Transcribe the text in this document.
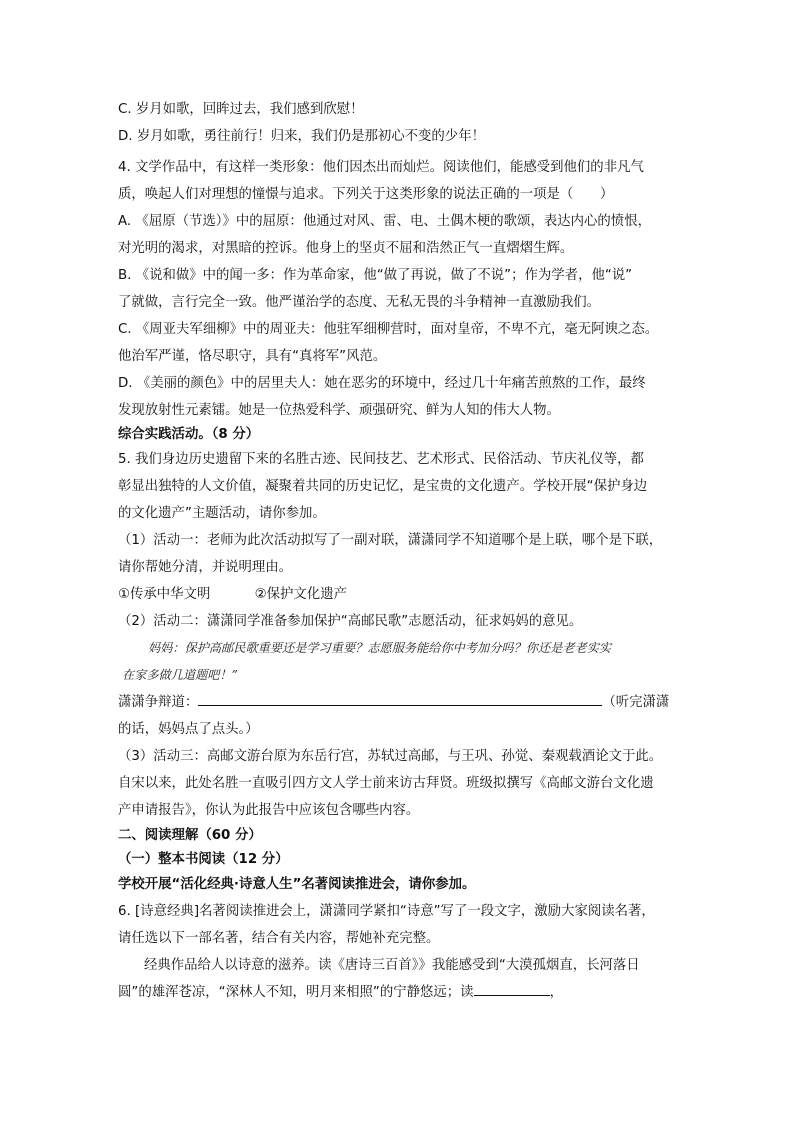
C. 岁月如歌，回眸过去，我们感到欣慰！
D. 岁月如歌，勇往前行！归来，我们仍是那初心不变的少年！
4. 文学作品中，有这样一类形象：他们因杰出而灿烂。阅读他们，能感受到他们的非凡气
质，唤起人们对理想的憧憬与追求。下列关于这类形象的说法正确的一项是（　　）
A. 《屈原（节选）》中的屈原：他通过对风、雷、电、土偶木梗的歌颂，表达内心的愤恨，
对光明的渴求，对黑暗的控诉。他身上的坚贞不屈和浩然正气一直熠熠生辉。
B. 《说和做》中的闻一多：作为革命家，他“做了再说，做了不说”；作为学者，他“说”
了就做，言行完全一致。他严谨治学的态度、无私无畏的斗争精神一直激励我们。
C. 《周亚夫军细柳》中的周亚夫：他驻军细柳营时，面对皇帝，不卑不亢，毫无阿谀之态。
他治军严谨，恪尽职守，具有“真将军”风范。
D. 《美丽的颜色》中的居里夫人：她在恶劣的环境中，经过几十年痛苦煎熬的工作，最终
发现放射性元素镭。她是一位热爱科学、顽强研究、鲜为人知的伟大人物。
综合实践活动。（8 分）
5. 我们身边历史遗留下来的名胜古迹、民间技艺、艺术形式、民俗活动、节庆礼仪等，都
彰显出独特的人文价值，凝聚着共同的历史记忆，是宝贵的文化遗产。学校开展“保护身边
的文化遗产”主题活动，请你参加。
（1）活动一：老师为此次活动拟写了一副对联，潇潇同学不知道哪个是上联，哪个是下联，
请你帮她分清，并说明理由。
①传承中华文明	②保护文化遗产
（2）活动二：潇潇同学准备参加保护“高邮民歌”志愿活动，征求妈妈的意见。
妈妈：保护高邮民歌重要还是学习重要？志愿服务能给你中考加分吗？你还是老老实实
在家多做几道题吧！”
潇潇争辩道：	（听完潇潇
的话，妈妈点了点头。）
（3）活动三：高邮文游台原为东岳行宫，苏轼过高邮，与王巩、孙觉、秦观载酒论文于此。
自宋以来，此处名胜一直吸引四方文人学士前来访古拜贤。班级拟撰写《高邮文游台文化遗
产申请报告》，你认为此报告中应该包含哪些内容。
二、阅读理解（60 分）
（一）整本书阅读（12 分）
学校开展“活化经典·诗意人生”名著阅读推进会，请你参加。
6. [诗意经典]名著阅读推进会上，潇潇同学紧扣“诗意”写了一段文字，激励大家阅读名著，
请任选以下一部名著，结合有关内容，帮她补充完整。
经典作品给人以诗意的滋养。读《唐诗三百首》》我能感受到“大漠孤烟直，长河落日
圆”的雄浑苍凉，“深林人不知，明月来相照”的宁静悠远；读	，
